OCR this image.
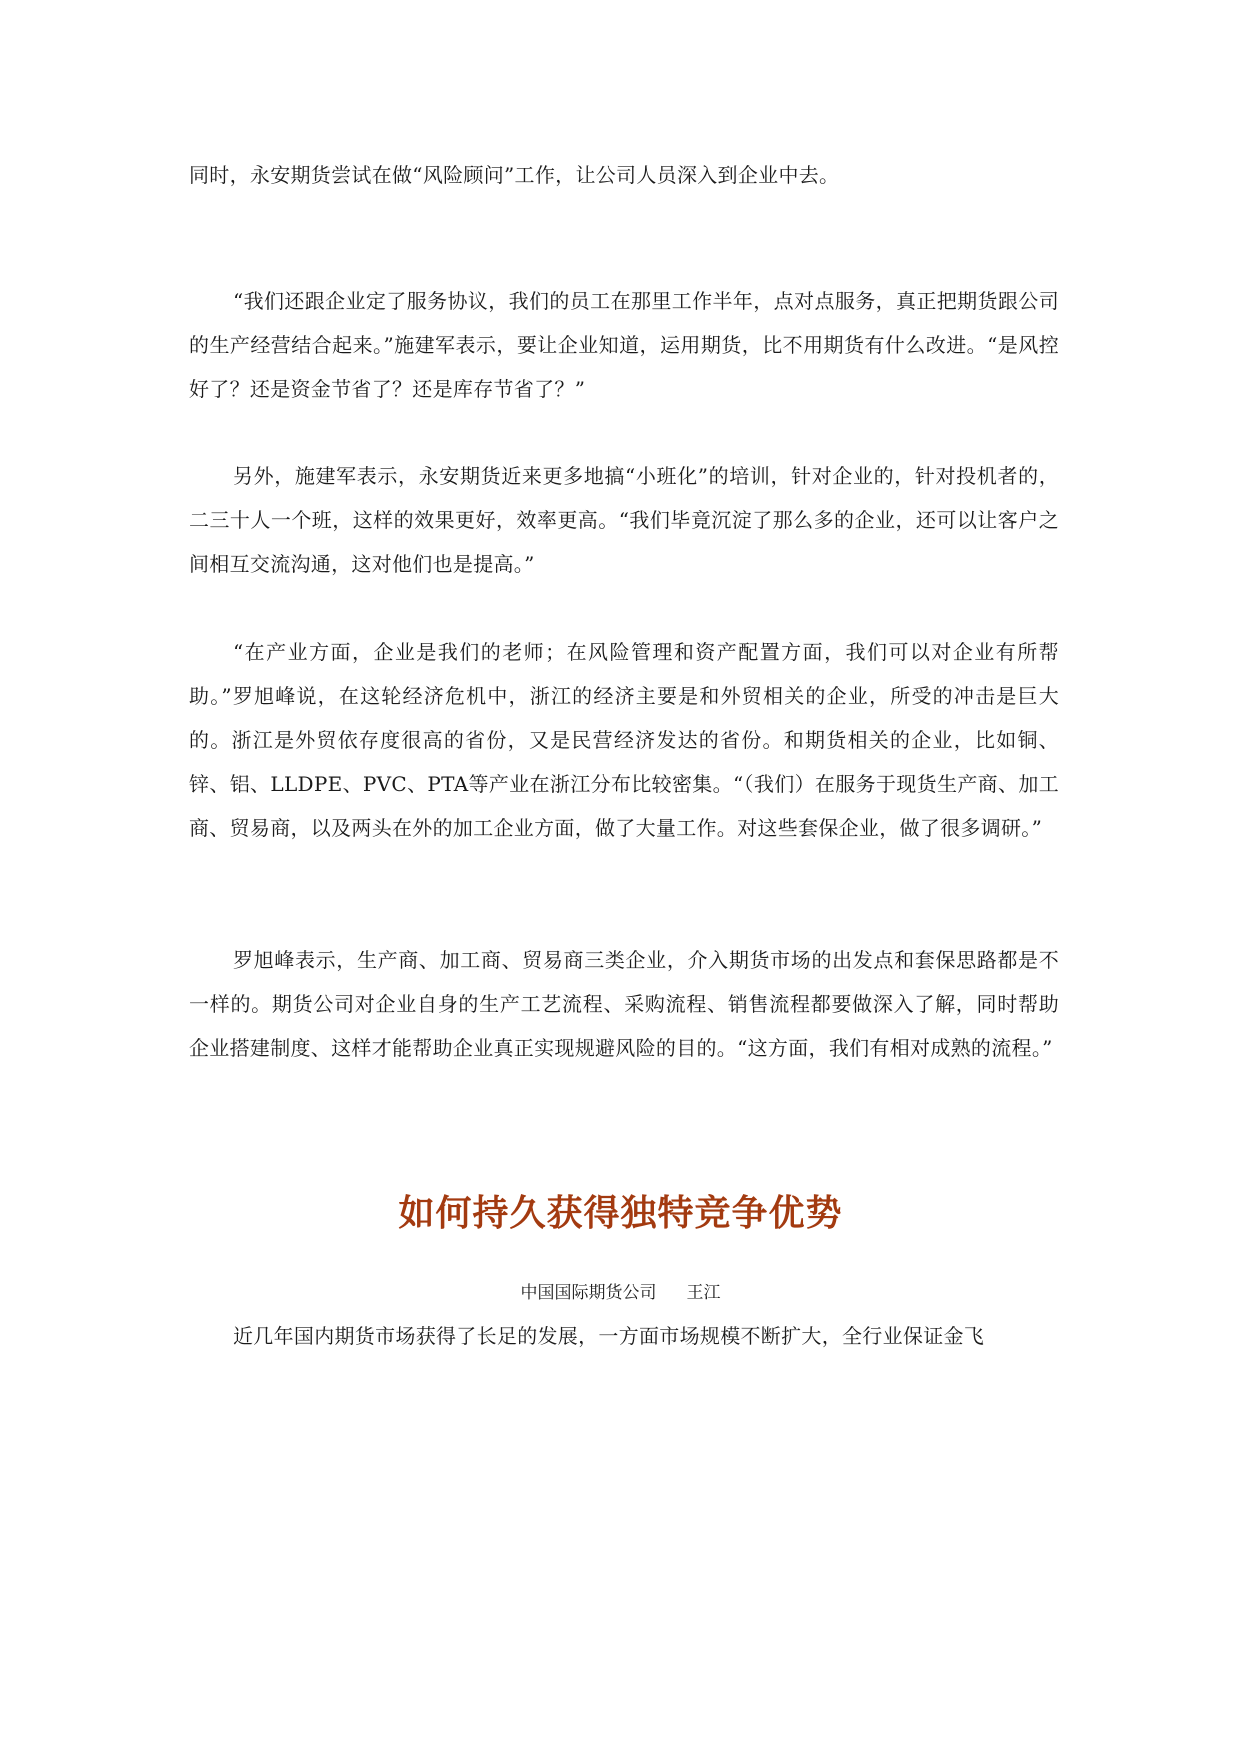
同时，永安期货尝试在做“风险顾问”工作，让公司人员深入到企业中去。

“我们还跟企业定了服务协议，我们的员工在那里工作半年，点对点服务，真正把期货跟公司的生产经营结合起来。”施建军表示，要让企业知道，运用期货，比不用期货有什么改进。“是风控好了？还是资金节省了？还是库存节省了？”

另外，施建军表示，永安期货近来更多地搞“小班化”的培训，针对企业的，针对投机者的，二三十人一个班，这样的效果更好，效率更高。“我们毕竟沉淀了那么多的企业，还可以让客户之间相互交流沟通，这对他们也是提高。”

“在产业方面，企业是我们的老师；在风险管理和资产配置方面，我们可以对企业有所帮助。”罗旭峰说，在这轮经济危机中，浙江的经济主要是和外贸相关的企业，所受的冲击是巨大的。浙江是外贸依存度很高的省份，又是民营经济发达的省份。和期货相关的企业，比如铜、锌、铝、LLDPE、PVC、PTA等产业在浙江分布比较密集。“（我们）在服务于现货生产商、加工商、贸易商，以及两头在外的加工企业方面，做了大量工作。对这些套保企业，做了很多调研。”

罗旭峰表示，生产商、加工商、贸易商三类企业，介入期货市场的出发点和套保思路都是不一样的。期货公司对企业自身的生产工艺流程、采购流程、销售流程都要做深入了解，同时帮助企业搭建制度、这样才能帮助企业真正实现规避风险的目的。“这方面，我们有相对成熟的流程。”

如何持久获得独特竞争优势

中国国际期货公司 王江

近几年国内期货市场获得了长足的发展，一方面市场规模不断扩大，全行业保证金飞
